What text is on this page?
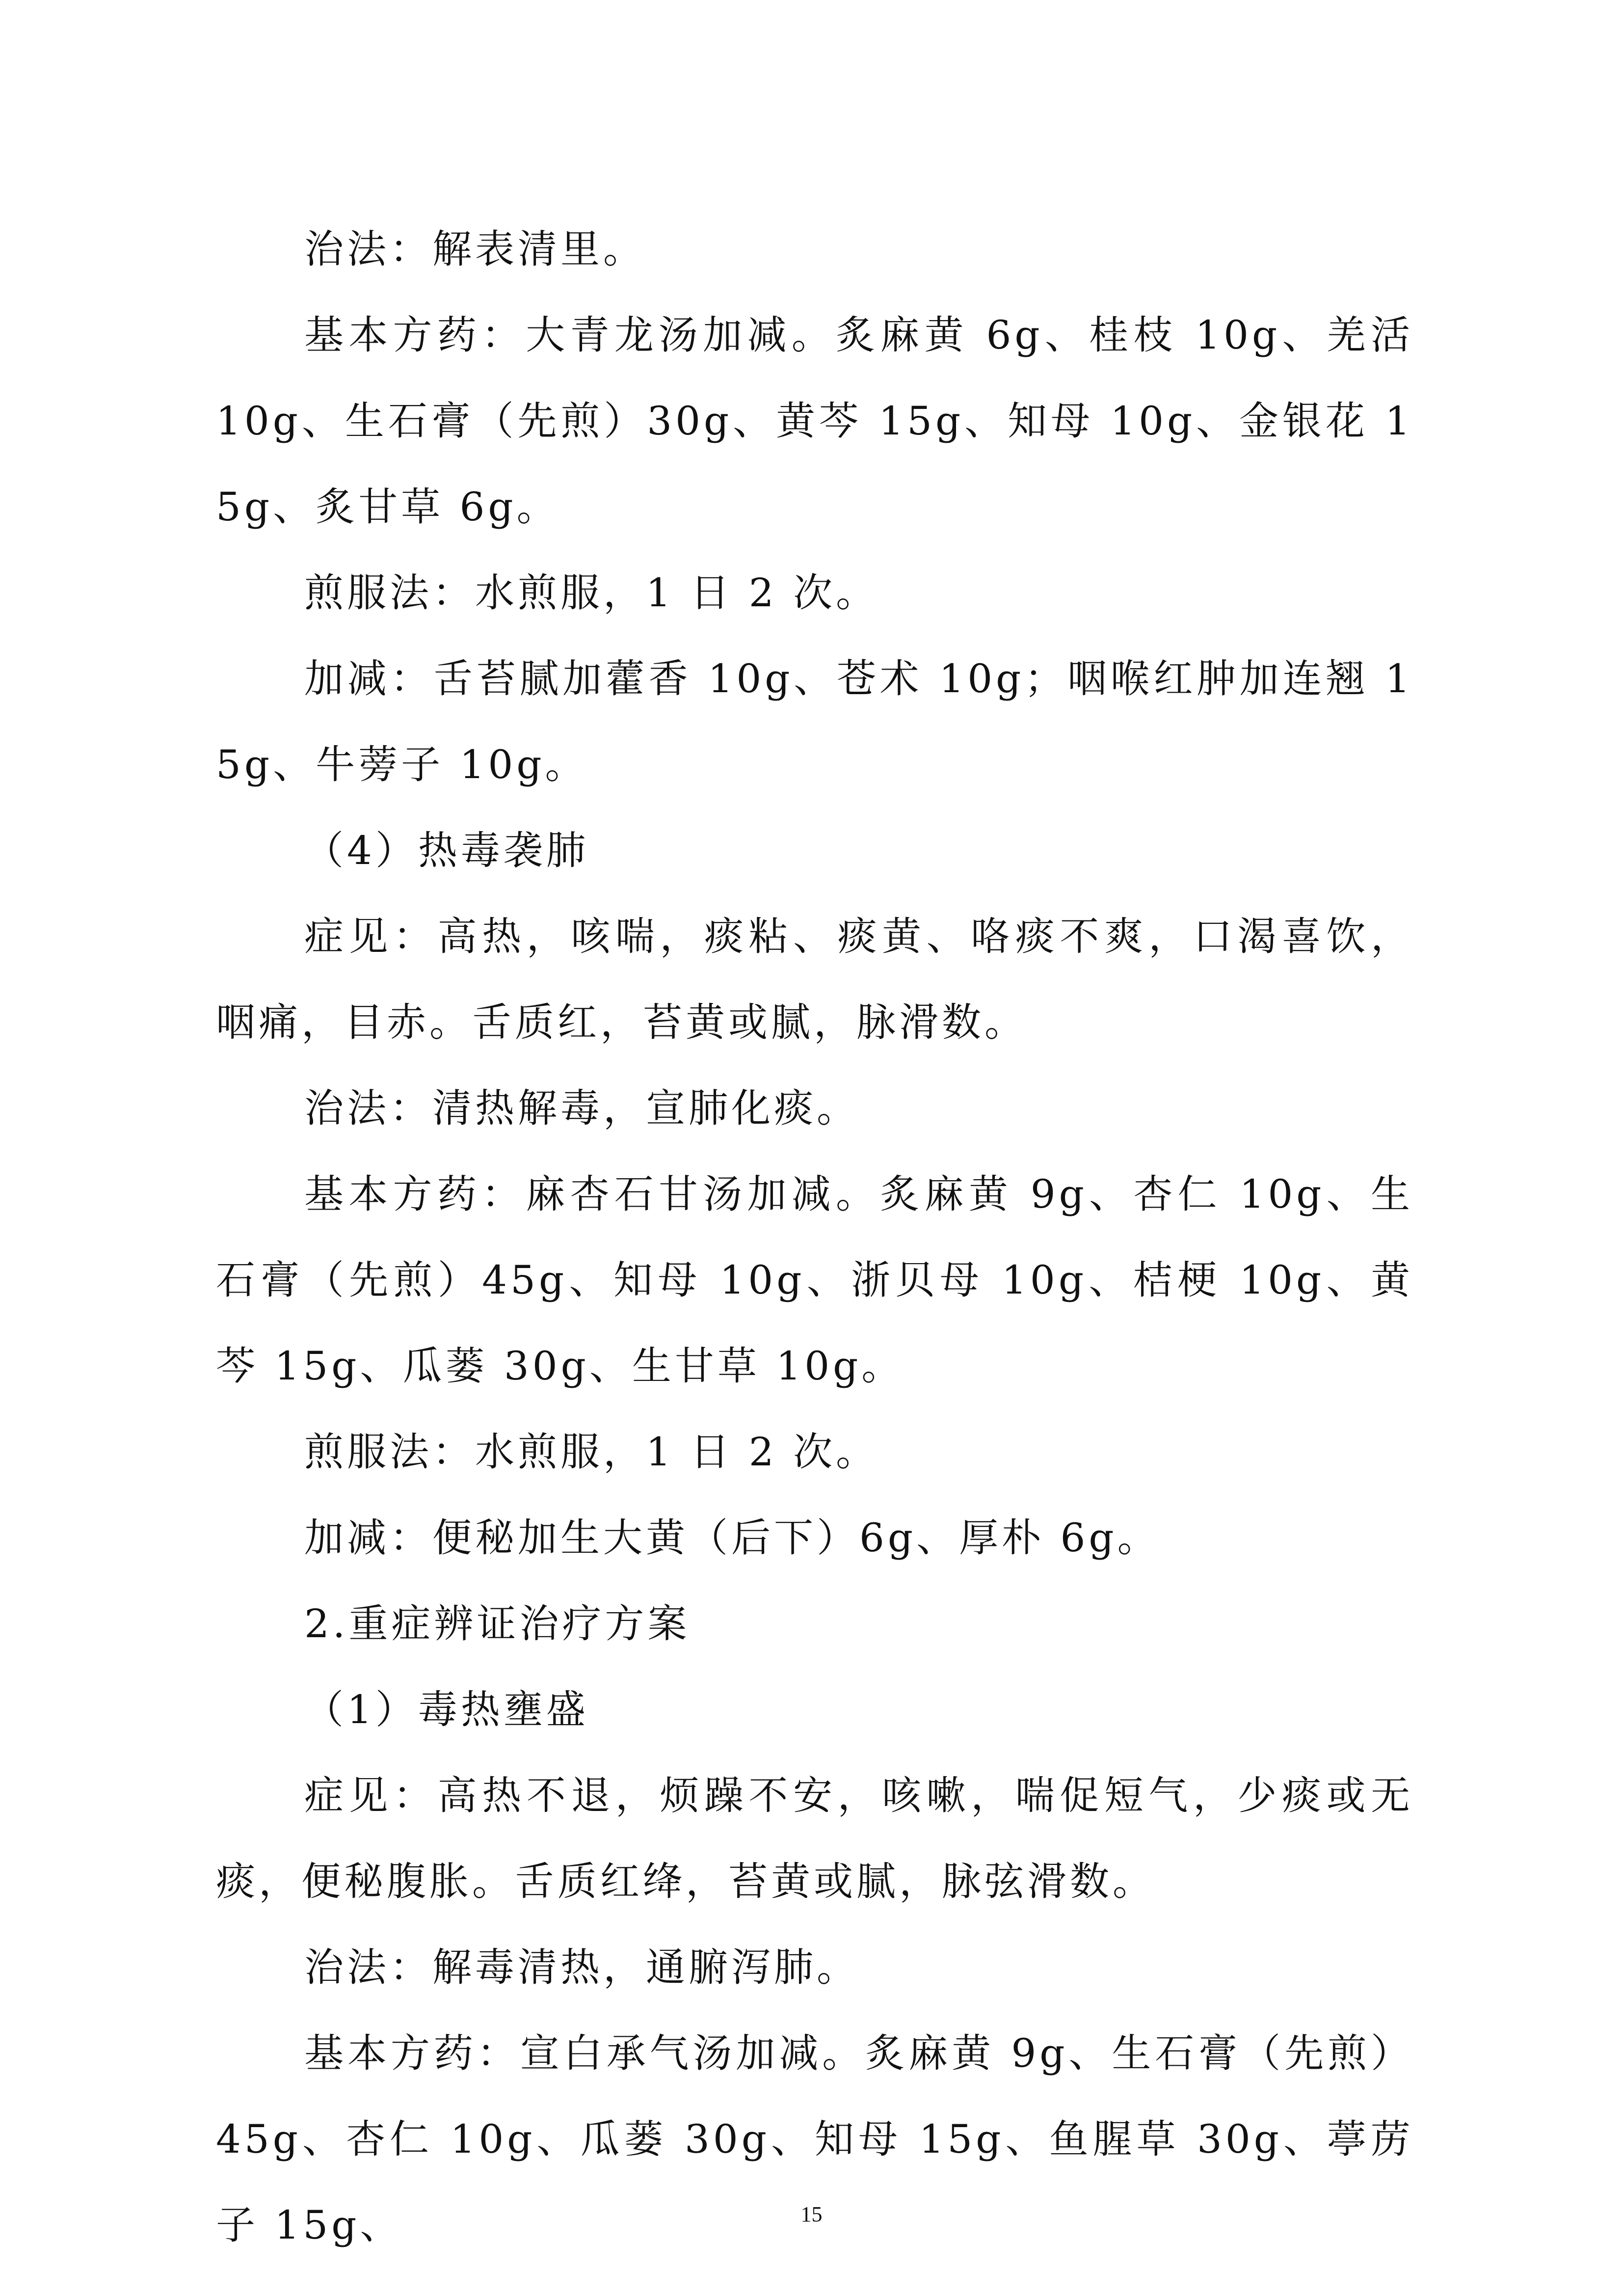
治法：解表清里。

基本方药：大青龙汤加减。炙麻黄 6g、桂枝 10g、羌活 10g、生石膏（先煎）30g、黄芩 15g、知母 10g、金银花 15g、炙甘草 6g。

煎服法：水煎服，1 日 2 次。

加减：舌苔腻加藿香 10g、苍术 10g；咽喉红肿加连翘 15g、牛蒡子 10g。

（4）热毒袭肺

症见：高热，咳喘，痰粘、痰黄、咯痰不爽，口渴喜饮，咽痛，目赤。舌质红，苔黄或腻，脉滑数。

治法：清热解毒，宣肺化痰。

基本方药：麻杏石甘汤加减。炙麻黄 9g、杏仁 10g、生石膏（先煎）45g、知母 10g、浙贝母 10g、桔梗 10g、黄芩 15g、瓜蒌 30g、生甘草 10g。

煎服法：水煎服，1 日 2 次。

加减：便秘加生大黄（后下）6g、厚朴 6g。

2.重症辨证治疗方案

（1）毒热壅盛

症见：高热不退，烦躁不安，咳嗽，喘促短气，少痰或无痰，便秘腹胀。舌质红绛，苔黄或腻，脉弦滑数。

治法：解毒清热，通腑泻肺。

基本方药：宣白承气汤加减。炙麻黄 9g、生石膏（先煎）45g、杏仁 10g、瓜蒌 30g、知母 15g、鱼腥草 30g、葶苈子 15g、	15
